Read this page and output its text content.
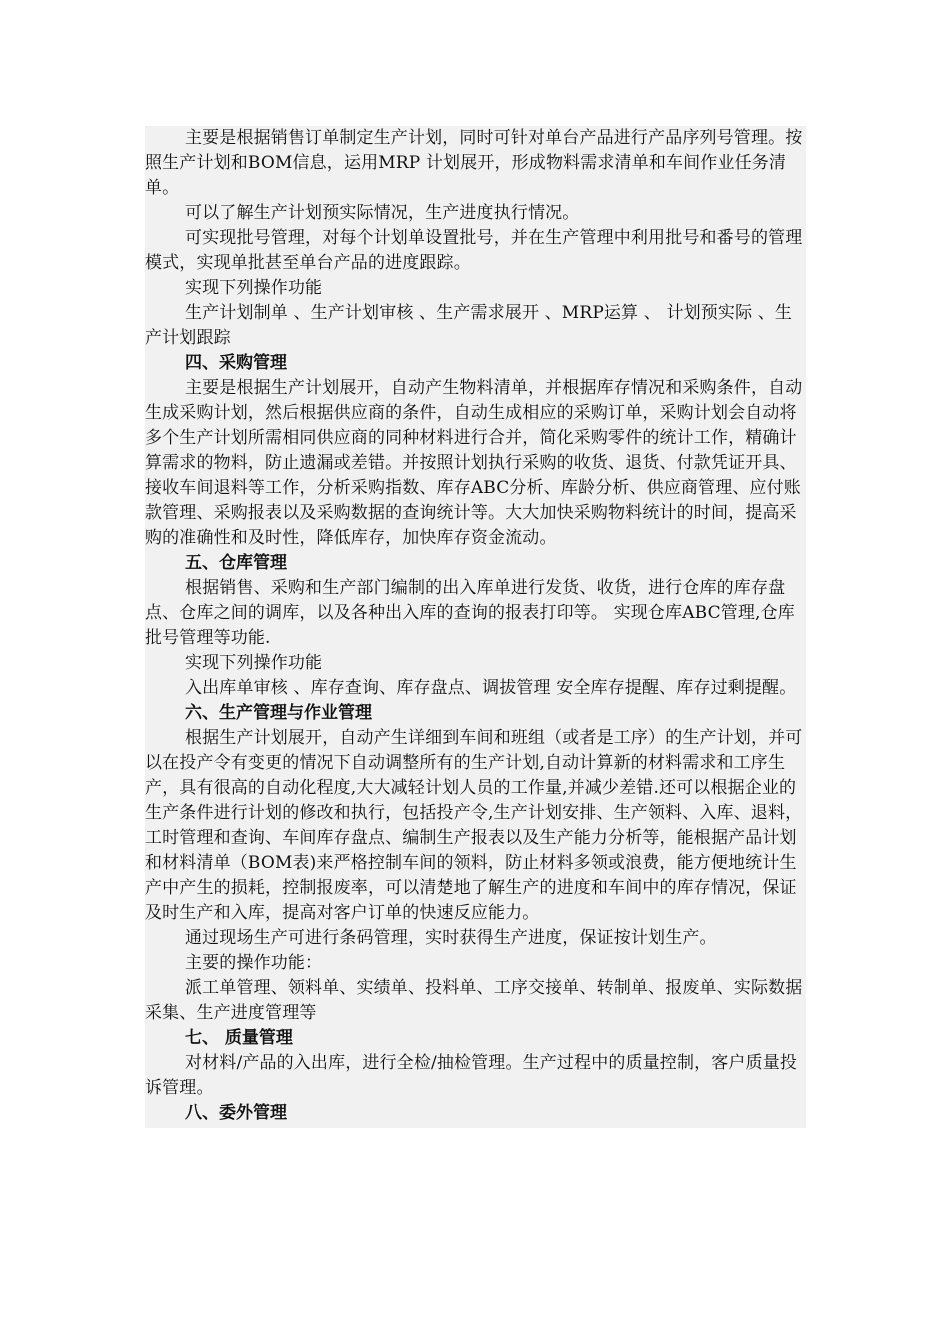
主要是根据销售订单制定生产计划，同时可针对单台产品进行产品序列号管理。按照生产计划和BOM信息，运用MRP 计划展开，形成物料需求清单和车间作业任务清单。

可以了解生产计划预实际情况，生产进度执行情况。

可实现批号管理，对每个计划单设置批号，并在生产管理中利用批号和番号的管理模式，实现单批甚至单台产品的进度跟踪。

实现下列操作功能

生产计划制单 、生产计划审核 、生产需求展开 、MRP运算 、 计划预实际 、生产计划跟踪

四、采购管理

主要是根据生产计划展开，自动产生物料清单，并根据库存情况和采购条件，自动生成采购计划，然后根据供应商的条件，自动生成相应的采购订单，采购计划会自动将多个生产计划所需相同供应商的同种材料进行合并，简化采购零件的统计工作，精确计算需求的物料，防止遗漏或差错。并按照计划执行采购的收货、退货、付款凭证开具、接收车间退料等工作，分析采购指数、库存ABC分析、库龄分析、供应商管理、应付账款管理、采购报表以及采购数据的查询统计等。大大加快采购物料统计的时间，提高采购的准确性和及时性，降低库存，加快库存资金流动。

五、仓库管理

根据销售、采购和生产部门编制的出入库单进行发货、收货，进行仓库的库存盘点、仓库之间的调库，以及各种出入库的查询的报表打印等。 实现仓库ABC管理,仓库批号管理等功能.

实现下列操作功能

入出库单审核 、库存查询、库存盘点、调拔管理 安全库存提醒、库存过剩提醒。

六、生产管理与作业管理

根据生产计划展开，自动产生详细到车间和班组（或者是工序）的生产计划，并可以在投产令有变更的情况下自动调整所有的生产计划,自动计算新的材料需求和工序生产，具有很高的自动化程度,大大减轻计划人员的工作量,并减少差错.还可以根据企业的生产条件进行计划的修改和执行，包括投产令,生产计划安排、生产领料、入库、退料，工时管理和查询、车间库存盘点、编制生产报表以及生产能力分析等，能根据产品计划和材料清单（BOM表)来严格控制车间的领料，防止材料多领或浪费，能方便地统计生产中产生的损耗，控制报废率，可以清楚地了解生产的进度和车间中的库存情况，保证及时生产和入库，提高对客户订单的快速反应能力。

通过现场生产可进行条码管理，实时获得生产进度，保证按计划生产。

主要的操作功能：

派工单管理、领料单、实绩单、投料单、工序交接单、转制单、报废单、实际数据采集、生产进度管理等

七、 质量管理

对材料/产品的入出库，进行全检/抽检管理。生产过程中的质量控制，客户质量投诉管理。

八、委外管理
